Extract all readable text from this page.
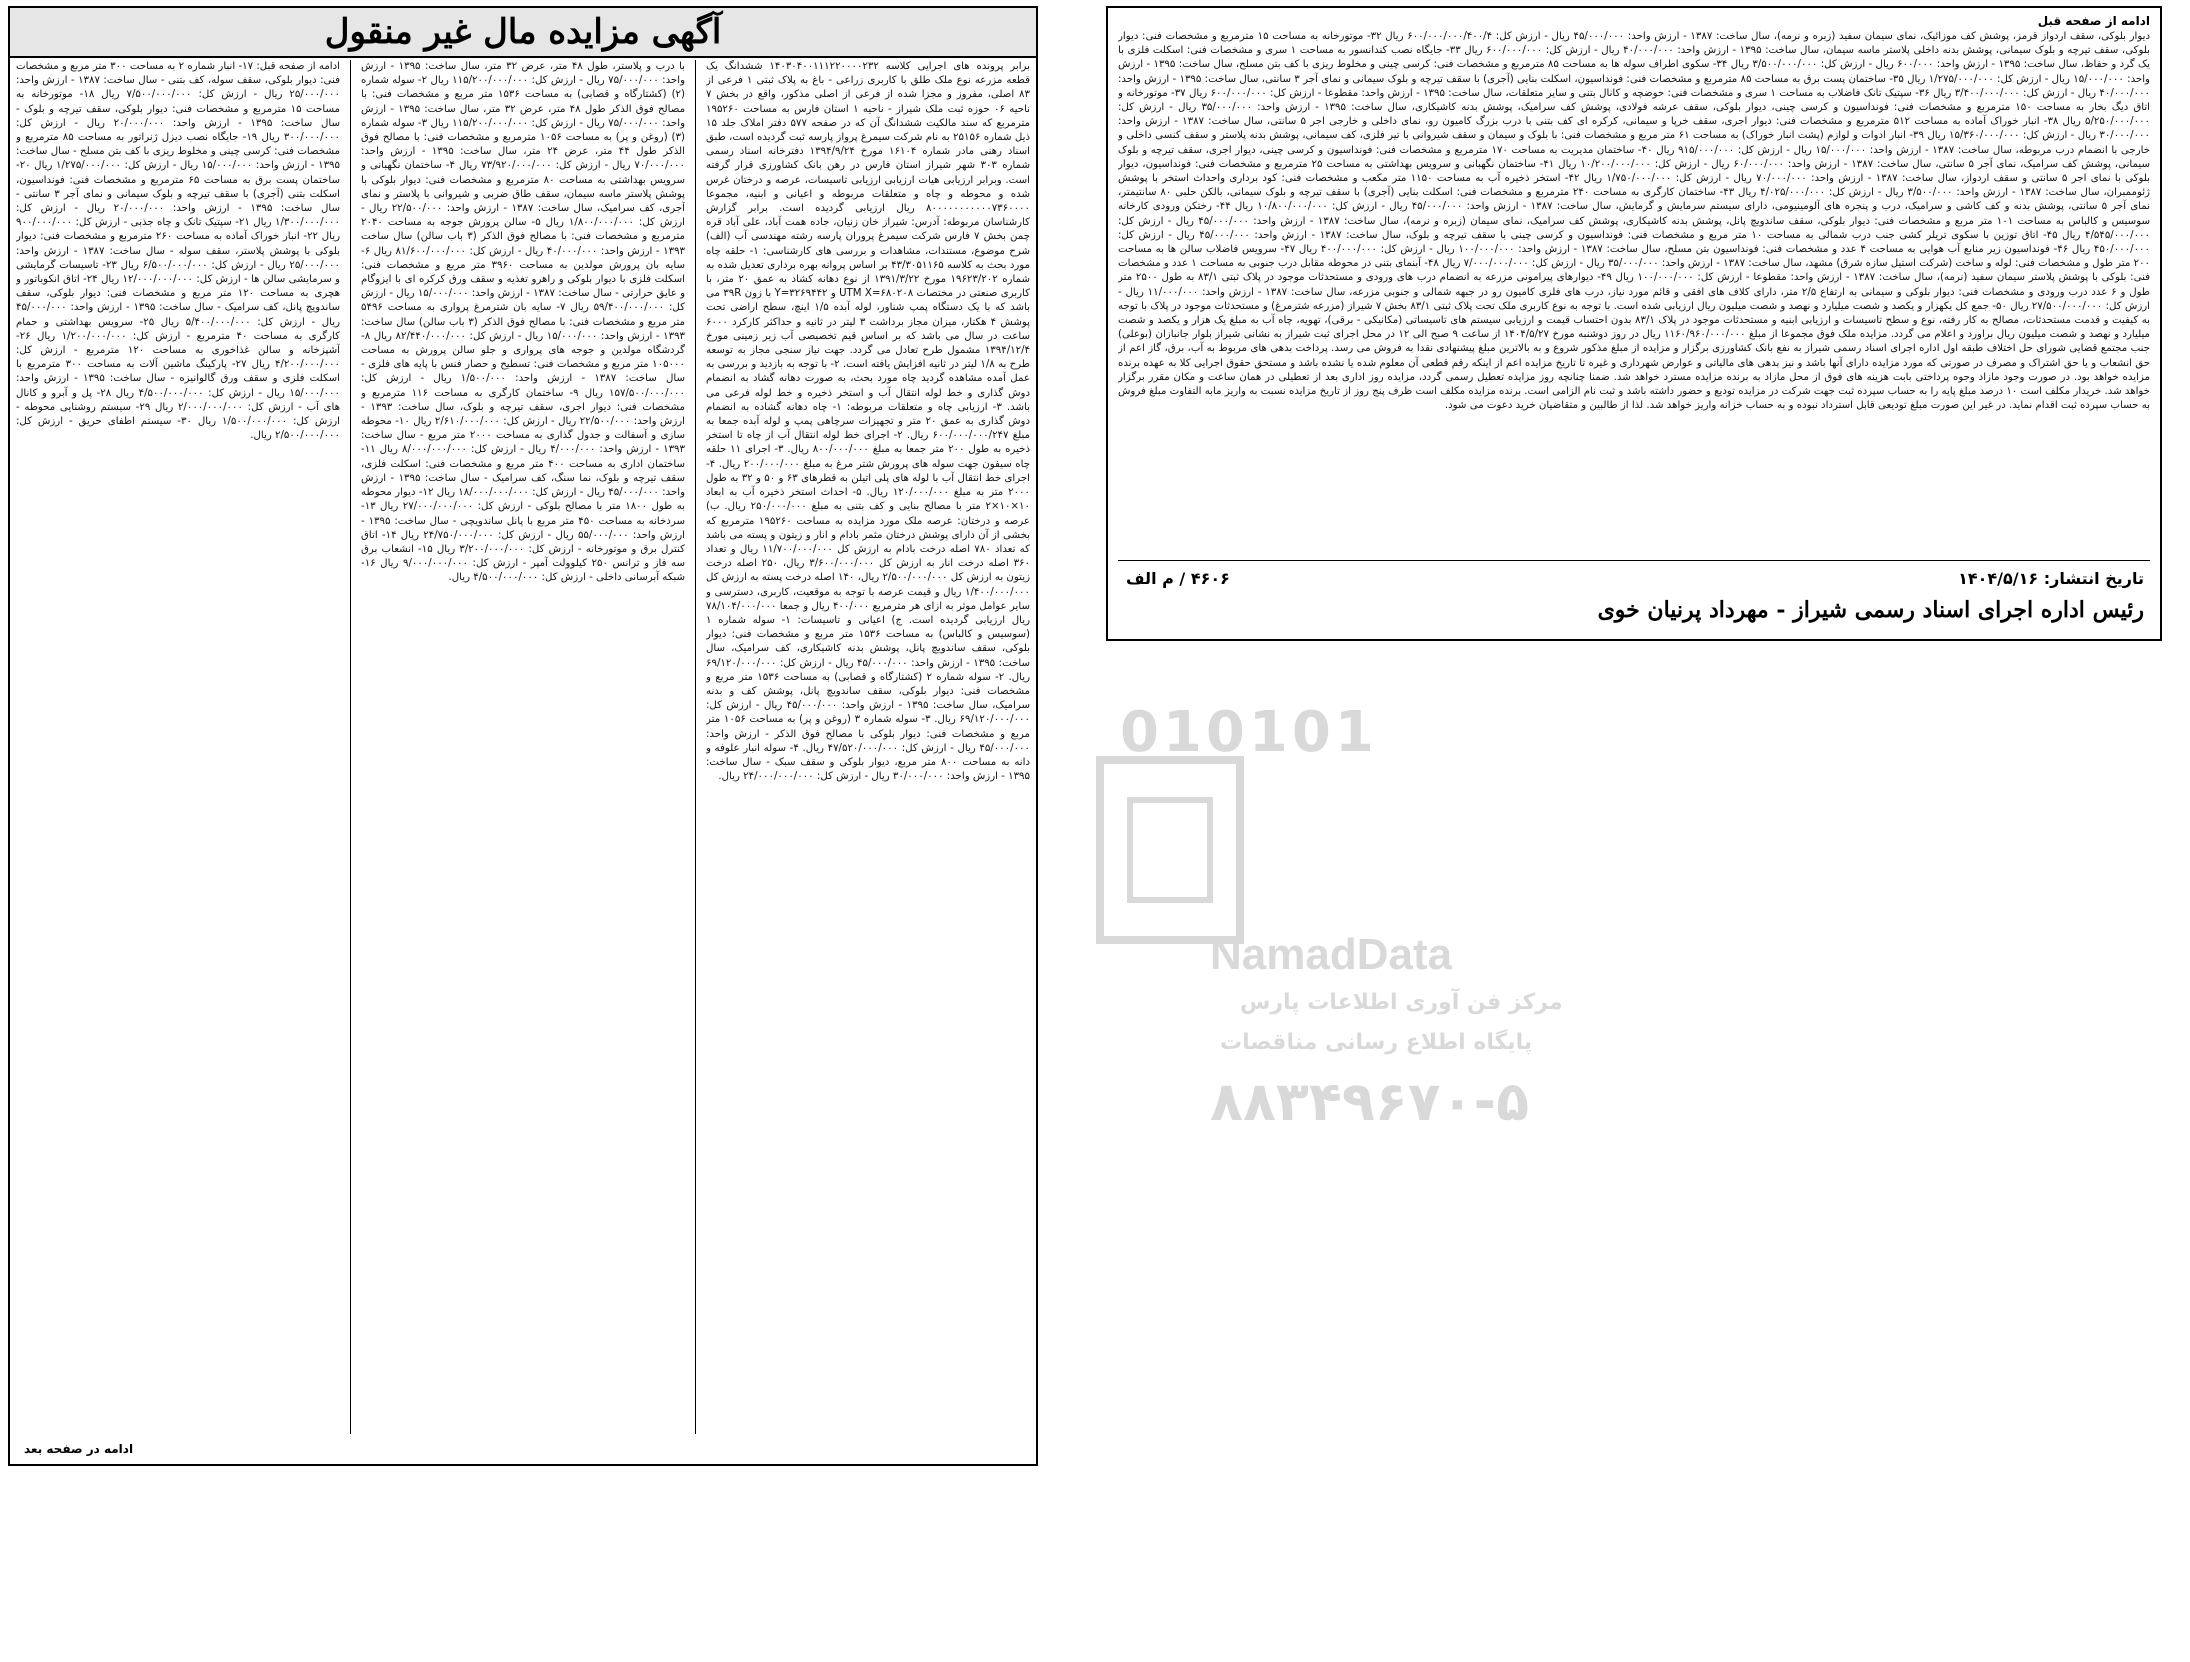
آگهی مزایده مال غیر منقول
برابر پرونده های اجرایی کلاسه ۱۴۰۳۰۴۰۰۱۱۱۲۲۰۰۰۰۲۳۲ ششدانگ یک قطعه مزرعه نوع ملک طلق با کاربری زراعی - باغ به پلاک ثبتی ۱ فرعی از ۸۳ اصلی، مفروز و مجزا شده از فرعی از اصلی مذکور، واقع در بخش ۷ ناحیه ۰۶ حوزه ثبت ملک شیراز - ناحیه ۱ استان فارس به مساحت ۱۹۵۲۶۰ مترمربع که سند مالکیت ششدانگ آن که در صفحه ۵۷۷ دفتر املاک جلد ۱۵ ذیل شماره ۲۵۱۵۶ به نام شرکت سیمرغ پرواز پارسه ثبت گردیده است، طبق اسناد رهنی مادر شماره ۱۶۱۰۴ مورخ ۱۳۹۴/۹/۲۴ دفترخانه اسناد رسمی شماره ۳۰۳ شهر شیراز استان فارس در رهن بانک کشاورزی قرار گرفته است. وبرابر ارزیابی هیات ارزیابی ارزیابی تاسیسات، عرصه و درختان غرس شده و محوطه و چاه و متعلقات مربوطه و اعیانی و ابنیه، مجموعا ۸۰۰۰۰۰۰۰۰۰۰۰۷۳۶۰۰۰۰ ریال ارزیابی گردیده است. برابر گزارش کارشناسان مربوطه: آدرس: شیراز خان زنیان، جاده همت آباد، علی آباد قره چمن بخش ۷ فارس شرکت سیمرغ پروران پارسه رشته مهندسی آب (الف) شرح موضوع، مستندات، مشاهدات و بررسی های کارشناسی: ۱- حلقه چاه مورد بحث به کلاسه ۴۳/۳۰۵۱۱۶۵ بر اساس پروانه بهره برداری تعدیل شده به شماره ۱۹۶۲۳/۲۰۲ مورخ ۱۳۹۱/۳/۲۲ از نوع دهانه کشاد به عمق ۲۰ متر، با کاربری صنعتی در مختصات UTM X=۶۸۰۲۰۸ و Y=۳۲۶۹۴۴۲ با زون ۳۹R می باشد که با یک دستگاه پمپ شناور، لوله آبده ۱/۵ اینچ، سطح اراضی تحت پوشش ۴ هکتار، میزان مجاز برداشت ۳ لیتر در ثانیه و حداکثر کارکرد ۶۰۰۰ ساعت در سال می باشد که بر اساس قیم تخصیصی آب زیر زمینی مورخ ۱۳۹۴/۱۲/۴ مشمول طرح تعادل می گردد. جهت نیاز سنجی مجاز به توسعه طرح به ۱/۸ لیتر در ثانیه افزایش یافته است. ۲- با توجه به بازدید و بررسی به عمل آمده مشاهده گردید چاه مورد بحث، به صورت دهانه گشاد به انضمام دوش گذاری و خط لوله انتقال آب و استخر ذخیره و خط لوله فرعی می باشد. ۳- ارزیابی چاه و متعلقات مربوطه: ۱- چاه دهانه گشاده به انضمام دوش گذاری به عمق ۲۰ متر و تجهیزات سرچاهی پمپ و لوله آبده جمعا به مبلغ ۶۰۰/۰۰۰/۰۰۰/۲۴۷ ریال. ۲- اجرای خط لوله انتقال آب از چاه تا استخر ذخیره به طول ۲۰۰ متر جمعا به مبلغ ۸۰۰/۰۰۰/۰۰۰ ریال. ۳- اجرای ۱۱ حلقه چاه سیفون جهت سوله های پرورش شتر مرغ به مبلغ ۲۰۰/۰۰۰/۰۰۰ ریال. ۴- اجرای خط انتقال آب با لوله های پلی اتیلن به قطرهای ۶۳ و ۵۰ و ۳۲ به طول ۲۰۰۰ متر به مبلغ ۱۲۰/۰۰۰/۰۰۰ ریال. ۵- احداث استخر ذخیره آب به ابعاد ۱۰×۱۰×۲ متر با مصالح بنایی و کف بتنی به مبلغ ۲۵۰/۰۰۰/۰۰۰ ریال. ب) عرصه و درختان: عرصه ملک مورد مزایده به مساحت ۱۹۵۲۶۰ مترمربع که بخشی از آن دارای پوشش درختان مثمر بادام و انار و زیتون و پسته می باشد که تعداد ۷۸۰ اصله درخت بادام به ارزش کل ۱۱/۷۰۰/۰۰۰/۰۰۰ ریال و تعداد ۳۶۰ اصله درخت انار به ارزش کل ۳/۶۰۰/۰۰۰/۰۰۰ ریال، ۲۵۰ اصله درخت زیتون به ارزش کل ۲/۵۰۰/۰۰۰/۰۰۰ ریال، ۱۴۰ اصله درخت پسته به ارزش کل ۱/۴۰۰/۰۰۰/۰۰۰ ریال و قیمت عرصه با توجه به موقعیت، کاربری، دسترسی و سایر عوامل موثر به ازای هر مترمربع ۴۰۰/۰۰۰ ریال و جمعا ۷۸/۱۰۴/۰۰۰/۰۰۰ ریال ارزیابی گردیده است. ج) اعیانی و تاسیسات: ۱- سوله شماره ۱ (سوسیس و کالباس) به مساحت ۱۵۳۶ متر مربع و مشخصات فنی: دیوار بلوکی، سقف ساندویچ پانل، پوشش بدنه کاشیکاری، کف سرامیک، سال ساخت: ۱۳۹۵ - ارزش واحد: ۴۵/۰۰۰/۰۰۰ ریال - ارزش کل: ۶۹/۱۲۰/۰۰۰/۰۰۰ ریال. ۲- سوله شماره ۲ (کشتارگاه و قصابی) به مساحت ۱۵۳۶ متر مربع و مشخصات فنی: دیوار بلوکی، سقف ساندویچ پانل، پوشش کف و بدنه سرامیک، سال ساخت: ۱۳۹۵ - ارزش واحد: ۴۵/۰۰۰/۰۰۰ ریال - ارزش کل: ۶۹/۱۲۰/۰۰۰/۰۰۰ ریال. ۳- سوله شماره ۳ (روغن و پر) به مساحت ۱۰۵۶ متر مربع و مشخصات فنی: دیوار بلوکی با مصالح فوق الذکر - ارزش واحد: ۴۵/۰۰۰/۰۰۰ ریال - ارزش کل: ۴۷/۵۲۰/۰۰۰/۰۰۰ ریال. ۴- سوله انبار علوفه و دانه به مساحت ۸۰۰ متر مربع، دیوار بلوکی و سقف سبک - سال ساخت: ۱۳۹۵ - ارزش واحد: ۳۰/۰۰۰/۰۰۰ ریال - ارزش کل: ۲۴/۰۰۰/۰۰۰/۰۰۰ ریال.
با درب و پلاستر، طول ۴۸ متر، عرض ۳۲ متر، سال ساخت: ۱۳۹۵ - ارزش واحد: ۷۵/۰۰۰/۰۰۰ ریال - ارزش کل: ۱۱۵/۲۰۰/۰۰۰/۰۰۰ ریال ۲- سوله شماره (۲) (کشتارگاه و قصابی) به مساحت ۱۵۳۶ متر مربع و مشخصات فنی: با مصالح فوق الذکر طول ۴۸ متر، عرض ۳۲ متر، سال ساخت: ۱۳۹۵ - ارزش واحد: ۷۵/۰۰۰/۰۰۰ ریال - ارزش کل: ۱۱۵/۲۰۰/۰۰۰/۰۰۰ ریال ۳- سوله شماره (۳) (روغن و پر) به مساحت ۱۰۵۶ مترمربع و مشخصات فنی: با مصالح فوق الذکر طول ۴۴ متر، عرض ۲۴ متر، سال ساخت: ۱۳۹۵ - ارزش واحد: ۷۰/۰۰۰/۰۰۰ ریال - ارزش کل: ۷۳/۹۲۰/۰۰۰/۰۰۰ ریال ۴- ساختمان نگهبانی و سرویس بهداشتی به مساحت ۸۰ مترمربع و مشخصات فنی: دیوار بلوکی با پوشش پلاستر ماسه سیمان، سقف طاق ضربی و شیروانی با پلاستر و نمای آجری، کف سرامیک، سال ساخت: ۱۳۸۷ - ارزش واحد: ۲۲/۵۰۰/۰۰۰ ریال - ارزش کل: ۱/۸۰۰/۰۰۰/۰۰۰ ریال ۵- سالن پرورش جوجه به مساحت ۲۰۴۰ مترمربع و مشخصات فنی: با مصالح فوق الذکر (۳ باب سالن) سال ساخت ۱۳۹۳ - ارزش واحد: ۴۰/۰۰۰/۰۰۰ ریال - ارزش کل: ۸۱/۶۰۰/۰۰۰/۰۰۰ ریال ۶- سایه بان پرورش مولدین به مساحت ۳۹۶۰ متر مربع و مشخصات فنی: اسکلت فلزی با دیوار بلوکی و راهرو تغذیه و سقف ورق کرکره ای با ایزوگام و عایق حرارتی - سال ساخت: ۱۳۸۷ - ارزش واحد: ۱۵/۰۰۰/۰۰۰ ریال - ارزش کل: ۵۹/۴۰۰/۰۰۰/۰۰۰ ریال ۷- سایه بان شترمرغ پرواری به مساحت ۵۴۹۶ متر مربع و مشخصات فنی: با مصالح فوق الذکر (۳ باب سالن) سال ساخت: ۱۳۹۳ - ارزش واحد: ۱۵/۰۰۰/۰۰۰ ریال - ارزش کل: ۸۲/۴۴۰/۰۰۰/۰۰۰ ریال ۸- گردشگاه مولدین و جوجه های پرواری و جلو سالن پرورش به مساحت ۱۰۵۰۰۰ متر مربع و مشخصات فنی: تسطیح و حصار فنس با پایه های فلزی - سال ساخت: ۱۳۸۷ - ارزش واحد: ۱/۵۰۰/۰۰۰ ریال - ارزش کل: ۱۵۷/۵۰۰/۰۰۰/۰۰۰ ریال ۹- ساختمان کارگری به مساحت ۱۱۶ مترمربع و مشخصات فنی: دیوار اجری، سقف تیرچه و بلوک، سال ساخت: ۱۳۹۳ - ارزش واحد: ۲۲/۵۰۰/۰۰۰ ریال - ارزش کل: ۲/۶۱۰/۰۰۰/۰۰۰ ریال ۱۰- محوطه سازی و آسفالت و جدول گذاری به مساحت ۲۰۰۰ متر مربع - سال ساخت: ۱۳۹۳ - ارزش واحد: ۴/۰۰۰/۰۰۰ ریال - ارزش کل: ۸/۰۰۰/۰۰۰/۰۰۰ ریال ۱۱- ساختمان اداری به مساحت ۴۰۰ متر مربع و مشخصات فنی: اسکلت فلزی، سقف تیرچه و بلوک، نما سنگ، کف سرامیک - سال ساخت: ۱۳۹۵ - ارزش واحد: ۴۵/۰۰۰/۰۰۰ ریال - ارزش کل: ۱۸/۰۰۰/۰۰۰/۰۰۰ ریال ۱۲- دیوار محوطه به طول ۱۸۰۰ متر با مصالح بلوکی - ارزش کل: ۲۷/۰۰۰/۰۰۰/۰۰۰ ریال ۱۳- سردخانه به مساحت ۴۵۰ متر مربع با پانل ساندویچی - سال ساخت: ۱۳۹۵ - ارزش واحد: ۵۵/۰۰۰/۰۰۰ ریال - ارزش کل: ۲۴/۷۵۰/۰۰۰/۰۰۰ ریال ۱۴- اتاق کنترل برق و موتورخانه - ارزش کل: ۳/۲۰۰/۰۰۰/۰۰۰ ریال ۱۵- انشعاب برق سه فاز و ترانس ۲۵۰ کیلوولت آمپر - ارزش کل: ۹/۰۰۰/۰۰۰/۰۰۰ ریال ۱۶- شبکه آبرسانی داخلی - ارزش کل: ۴/۵۰۰/۰۰۰/۰۰۰ ریال.
ادامه از صفحه قبل: ۱۷- انبار شماره ۲ به مساحت ۳۰۰ متر مربع و مشخصات فنی: دیوار بلوکی، سقف سوله، کف بتنی - سال ساخت: ۱۳۸۷ - ارزش واحد: ۲۵/۰۰۰/۰۰۰ ریال - ارزش کل: ۷/۵۰۰/۰۰۰/۰۰۰ ریال ۱۸- موتورخانه به مساحت ۱۵ مترمربع و مشخصات فنی: دیوار بلوکی، سقف تیرچه و بلوک - سال ساخت: ۱۳۹۵ - ارزش واحد: ۲۰/۰۰۰/۰۰۰ ریال - ارزش کل: ۳۰۰/۰۰۰/۰۰۰ ریال ۱۹- جایگاه نصب دیزل ژنراتور به مساحت ۸۵ مترمربع و مشخصات فنی: کرسی چینی و مخلوط ریزی با کف بتن مسلح - سال ساخت: ۱۳۹۵ - ارزش واحد: ۱۵/۰۰۰/۰۰۰ ریال - ارزش کل: ۱/۲۷۵/۰۰۰/۰۰۰ ریال ۲۰- ساختمان پست برق به مساحت ۶۵ مترمربع و مشخصات فنی: فونداسیون، اسکلت بتنی (آجری) با سقف تیرچه و بلوک سیمانی و نمای آجر ۳ سانتی - سال ساخت: ۱۳۹۵ - ارزش واحد: ۲۰/۰۰۰/۰۰۰ ریال - ارزش کل: ۱/۳۰۰/۰۰۰/۰۰۰ ریال ۲۱- سپتیک تانک و چاه جذبی - ارزش کل: ۹۰۰/۰۰۰/۰۰۰ ریال ۲۲- انبار خوراک آماده به مساحت ۲۶۰ مترمربع و مشخصات فنی: دیوار بلوکی با پوشش پلاستر، سقف سوله - سال ساخت: ۱۳۸۷ - ارزش واحد: ۲۵/۰۰۰/۰۰۰ ریال - ارزش کل: ۶/۵۰۰/۰۰۰/۰۰۰ ریال ۲۳- تاسیسات گرمایشی و سرمایشی سالن ها - ارزش کل: ۱۲/۰۰۰/۰۰۰/۰۰۰ ریال ۲۴- اتاق انکوباتور و هچری به مساحت ۱۲۰ متر مربع و مشخصات فنی: دیوار بلوکی، سقف ساندویچ پانل، کف سرامیک - سال ساخت: ۱۳۹۵ - ارزش واحد: ۴۵/۰۰۰/۰۰۰ ریال - ارزش کل: ۵/۴۰۰/۰۰۰/۰۰۰ ریال ۲۵- سرویس بهداشتی و حمام کارگری به مساحت ۴۰ مترمربع - ارزش کل: ۱/۲۰۰/۰۰۰/۰۰۰ ریال ۲۶- آشپزخانه و سالن غذاخوری به مساحت ۱۲۰ مترمربع - ارزش کل: ۴/۲۰۰/۰۰۰/۰۰۰ ریال ۲۷- پارکینگ ماشین آلات به مساحت ۳۰۰ مترمربع با اسکلت فلزی و سقف ورق گالوانیزه - سال ساخت: ۱۳۹۵ - ارزش واحد: ۱۵/۰۰۰/۰۰۰ ریال - ارزش کل: ۴/۵۰۰/۰۰۰/۰۰۰ ریال ۲۸- پل و آبرو و کانال های آب - ارزش کل: ۲/۰۰۰/۰۰۰/۰۰۰ ریال ۲۹- سیستم روشنایی محوطه - ارزش کل: ۱/۵۰۰/۰۰۰/۰۰۰ ریال ۳۰- سیستم اطفای حریق - ارزش کل: ۲/۵۰۰/۰۰۰/۰۰۰ ریال.
ادامه در صفحه بعد
ادامه از صفحه قبل
دیوار بلوکی، سقف اردواز قرمز، پوشش کف موزائیک، نمای سیمان سفید (زبره و نرمه)، سال ساخت: ۱۳۸۷ - ارزش واحد: ۴۵/۰۰۰/۰۰۰ ریال - ارزش کل: ۶۰۰/۰۰۰/۰۰۰/۴۰۰/۴ ریال ۳۲- موتورخانه به مساحت ۱۵ مترمربع و مشخصات فنی: دیوار بلوکی، سقف تیرچه و بلوک سیمانی، پوشش بدنه داخلی پلاستر ماسه سیمان، سال ساخت: ۱۳۹۵ - ارزش واحد: ۴۰/۰۰۰/۰۰۰ ریال - ارزش کل: ۶۰۰/۰۰۰/۰۰۰ ریال ۳۳- جایگاه نصب کندانسور به مساحت ۱ سری و مشخصات فنی: اسکلت فلزی با یک گرد و حفاظ، سال ساخت: ۱۳۹۵ - ارزش واحد: ۶۰۰/۰۰۰ ریال - ارزش کل: ۳/۵۰۰/۰۰۰/۰۰۰ ریال ۳۴- سکوی اطراف سوله ها به مساحت ۸۵ مترمربع و مشخصات فنی: کرسی چینی و مخلوط ریزی با کف بتن مسلح، سال ساخت: ۱۳۹۵ - ارزش واحد: ۱۵/۰۰۰/۰۰۰ ریال - ارزش کل: ۱/۲۷۵/۰۰۰/۰۰۰ ریال ۳۵- ساختمان پست برق به مساحت ۸۵ مترمربع و مشخصات فنی: فونداسیون، اسکلت بنایی (آجری) با سقف تیرچه و بلوک سیمانی و نمای آجر ۳ سانتی، سال ساخت: ۱۳۹۵ - ارزش واحد: ۴۰/۰۰۰/۰۰۰ ریال - ارزش کل: ۳/۴۰۰/۰۰۰/۰۰۰ ریال ۳۶- سپتیک تانک فاضلاب به مساحت ۱ سری و مشخصات فنی: حوضچه و کانال بتنی و سایر متعلقات، سال ساخت: ۱۳۹۵ - ارزش واحد: مقطوعا - ارزش کل: ۶۰۰/۰۰۰/۰۰۰ ریال ۳۷- موتورخانه و اتاق دیگ بخار به مساحت ۱۵۰ مترمربع و مشخصات فنی: فونداسیون و کرسی چینی، دیوار بلوکی، سقف عرشه فولادی، پوشش کف سرامیک، پوشش بدنه کاشیکاری، سال ساخت: ۱۳۹۵ - ارزش واحد: ۳۵/۰۰۰/۰۰۰ ریال - ارزش کل: ۵/۲۵۰/۰۰۰/۰۰۰ ریال ۳۸- انبار خوراک آماده به مساحت ۵۱۲ مترمربع و مشخصات فنی: دیوار اجری، سقف خرپا و سیمانی، کرکره ای کف بتنی با درب بزرگ کامیون رو، نمای داخلی و خارجی اجر ۵ سانتی، سال ساخت: ۱۳۸۷ - ارزش واحد: ۳۰/۰۰۰/۰۰۰ ریال - ارزش کل: ۱۵/۳۶۰/۰۰۰/۰۰۰ ریال ۳۹- انبار ادوات و لوازم (پشت انبار خوراک) به مساحت ۶۱ متر مربع و مشخصات فنی: با بلوک و سیمان و سقف شیروانی با تیر فلزی، کف سیمانی، پوشش بدنه پلاستر و سقف کنسی داخلی و خارجی با انضمام درب مربوطه، سال ساخت: ۱۳۸۷ - ارزش واحد: ۱۵/۰۰۰/۰۰۰ ریال - ارزش کل: ۹۱۵/۰۰۰/۰۰۰ ریال ۴۰- ساختمان مدیریت به مساحت ۱۷۰ مترمربع و مشخصات فنی: فونداسیون و کرسی چینی، دیوار اجری، سقف تیرچه و بلوک سیمانی، پوشش کف سرامیک، نمای آجر ۵ سانتی، سال ساخت: ۱۳۸۷ - ارزش واحد: ۶۰/۰۰۰/۰۰۰ ریال - ارزش کل: ۱۰/۲۰۰/۰۰۰/۰۰۰ ریال ۴۱- ساختمان نگهبانی و سرویس بهداشتی به مساحت ۲۵ مترمربع و مشخصات فنی: فونداسیون، دیوار بلوکی با نمای اجر ۵ سانتی و سقف اردواز، سال ساخت: ۱۳۸۷ - ارزش واحد: ۷۰/۰۰۰/۰۰۰ ریال - ارزش کل: ۱/۷۵۰/۰۰۰/۰۰۰ ریال ۴۲- استخر ذخیره آب به مساحت ۱۱۵۰ متر مکعب و مشخصات فنی: کود برداری واحداث استخر با پوشش ژئوممبران، سال ساخت: ۱۳۸۷ - ارزش واحد: ۳/۵۰۰/۰۰۰ ریال - ارزش کل: ۴/۰۲۵/۰۰۰/۰۰۰ ریال ۴۳- ساختمان کارگری به مساحت ۲۴۰ مترمربع و مشخصات فنی: اسکلت بنایی (آجری) با سقف تیرچه و بلوک سیمانی، بالکن حلبی ۸۰ سانتیمتر، نمای آجر ۵ سانتی، پوشش بدنه و کف کاشی و سرامیک، درب و پنجره های آلومینیومی، دارای سیستم سرمایش و گرمایش، سال ساخت: ۱۳۸۷ - ارزش واحد: ۴۵/۰۰۰/۰۰۰ ریال - ارزش کل: ۱۰/۸۰۰/۰۰۰/۰۰۰ ریال ۴۴- رختکن ورودی کارخانه سوسیس و کالباس به مساحت ۱۰۱ متر مربع و مشخصات فنی: دیوار بلوکی، سقف ساندویچ پانل، پوشش بدنه کاشیکاری، پوشش کف سرامیک، نمای سیمان (زبره و نرمه)، سال ساخت: ۱۳۸۷ - ارزش واحد: ۴۵/۰۰۰/۰۰۰ ریال - ارزش کل: ۴/۵۴۵/۰۰۰/۰۰۰ ریال ۴۵- اتاق توزین با سکوی تریلر کشی جنب درب شمالی به مساحت ۱۰ متر مربع و مشخصات فنی: فونداسیون و کرسی چینی با سقف تیرچه و بلوک، سال ساخت: ۱۳۸۷ - ارزش واحد: ۴۵/۰۰۰/۰۰۰ ریال - ارزش کل: ۴۵۰/۰۰۰/۰۰۰ ریال ۴۶- فونداسیون زیر منابع آب هوایی به مساحت ۴ عدد و مشخصات فنی: فونداسیون بتن مسلح، سال ساخت: ۱۳۸۷ - ارزش واحد: ۱۰۰/۰۰۰/۰۰۰ ریال - ارزش کل: ۴۰۰/۰۰۰/۰۰۰ ریال ۴۷- سرویس فاضلاب سالن ها به مساحت ۲۰۰ متر طول و مشخصات فنی: لوله و ساخت (شرکت استیل سازه شرق) مشهد، سال ساخت: ۱۳۸۷ - ارزش واحد: ۳۵/۰۰۰/۰۰۰ ریال - ارزش کل: ۷/۰۰۰/۰۰۰/۰۰۰ ریال ۴۸- آبنمای بتنی در محوطه مقابل درب جنوبی به مساحت ۱ عدد و مشخصات فنی: بلوکی با پوشش پلاستر سیمان سفید (نرمه)، سال ساخت: ۱۳۸۷ - ارزش واحد: مقطوعا - ارزش کل: ۱۰۰/۰۰۰/۰۰۰ ریال ۴۹- دیوارهای پیرامونی مزرعه به انضمام درب های ورودی و مستحدثات موجود در پلاک ثبتی ۸۳/۱ به طول ۲۵۰۰ متر طول و ۶ عدد درب ورودی و مشخصات فنی: دیوار بلوکی و سیمانی به ارتفاع ۲/۵ متر، دارای کلاف های افقی و قائم مورد نیاز، درب های فلزی کامیون رو در جبهه شمالی و جنوبی مزرعه، سال ساخت: ۱۳۸۷ - ارزش واحد: ۱۱/۰۰۰/۰۰۰ ریال - ارزش کل: ۲۷/۵۰۰/۰۰۰/۰۰۰ ریال ۵۰- جمع کل یکهزار و یکصد و شصت میلیارد و نهصد و شصت میلیون ریال ارزیابی شده است. با توجه به نوع کاربری ملک تحت پلاک ثبتی ۸۳/۱ بخش ۷ شیراز (مزرعه شترمرغ) و مستحدثات موجود در پلاک با توجه به کیفیت و قدمت مستحدثات، مصالح به کار رفته، نوع و سطح تاسیسات و ارزیابی ابنیه و مستحدثات موجود در پلاک ۸۳/۱ بدون احتساب قیمت و ارزیابی سیستم های تاسیساتی (مکانیکی - برقی)، تهویه، چاه آب به مبلغ یک هزار و یکصد و شصت میلیارد و نهصد و شصت میلیون ریال براورد و اعلام می گردد. مزایده ملک فوق مجموعا از مبلغ ۱۱۶۰/۹۶۰/۰۰۰/۰۰۰ ریال در روز دوشنبه مورخ ۱۴۰۴/۵/۲۷ از ساعت ۹ صبح الی ۱۲ در محل اجرای ثبت شیراز به نشانی شیراز بلوار جانبازان (بوعلی) جنب مجتمع قضایی شورای حل اختلاف طبقه اول اداره اجرای اسناد رسمی شیراز به نفع بانک کشاورزی برگزار و مزایده از مبلغ مذکور شروع و به بالاترین مبلغ پیشنهادی نقدا به فروش می رسد. پرداخت بدهی های مربوط به آب، برق، گاز اعم از حق انشعاب و یا حق اشتراک و مصرف در صورتی که مورد مزایده دارای آنها باشد و نیز بدهی های مالیاتی و عوارض شهرداری و غیره تا تاریخ مزایده اعم از اینکه رقم قطعی آن معلوم شده یا نشده باشد و مستحق حقوق اجرایی کلا به عهده برنده مزایده خواهد بود. در صورت وجود مازاد وجوه پرداختی بابت هزینه های فوق از محل مازاد به برنده مزایده مسترد خواهد شد. ضمنا چنانچه روز مزایده تعطیل رسمی گردد، مزایده روز اداری بعد از تعطیلی در همان ساعت و مکان مقرر برگزار خواهد شد. خریدار مکلف است ۱۰ درصد مبلغ پایه را به حساب سپرده ثبت جهت شرکت در مزایده تودیع و حضور داشته باشد و ثبت نام الزامی است. برنده مزایده مکلف است ظرف پنج روز از تاریخ مزایده نسبت به واریز مابه التفاوت مبلغ فروش به حساب سپرده ثبت اقدام نماید. در غیر این صورت مبلغ تودیعی قابل استرداد نبوده و به حساب خزانه واریز خواهد شد. لذا از طالبین و متقاضیان خرید دعوت می شود.
تاریخ انتشار: ۱۴۰۴/۵/۱۶
۴۶۰۶ / م الف
رئیس اداره اجرای اسناد رسمی شیراز - مهرداد پرنیان خوی
010101
NamadData
مرکز فن آوری اطلاعات پارس
پایگاه اطلاع رسانی مناقصات
۸۸۳۴۹۶۷۰-۵
